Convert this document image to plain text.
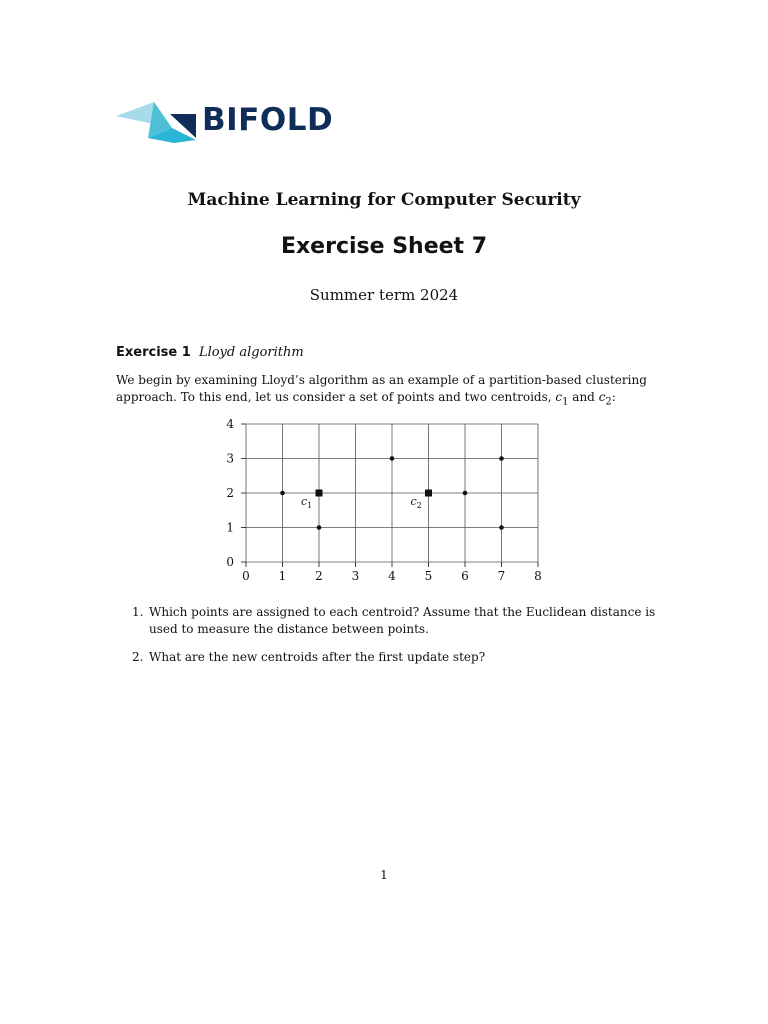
BIFOLD
Machine Learning for Computer Security
Exercise Sheet 7
Summer term 2024
Exercise 1 Lloyd algorithm
We begin by examining Lloyd’s algorithm as an example of a partition-based clustering approach. To this end, let us consider a set of points and two centroids, $c_1$ and $c_2$:
0 1 2 3 4 5 6 7 8
0
1
2
3
4
$c_1$	$c_2$
1. Which points are assigned to each centroid? Assume that the Euclidean distance is used to measure the distance between points.
2. What are the new centroids after the first update step?
1
